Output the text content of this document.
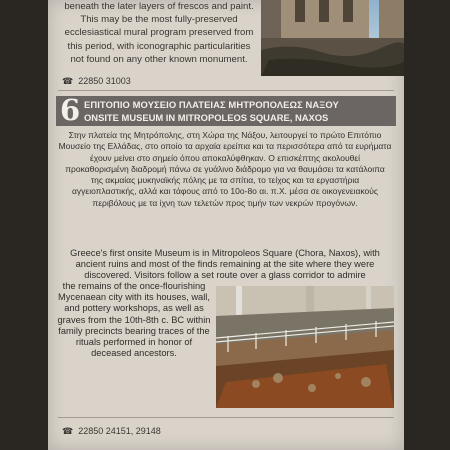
beneath the later layers of frescos and paint. This may be the most fully-preserved ecclesiastical mural program preserved from this period, with iconographic particularities not found on any other known monument.

☎ 22850 31003
6 ΕΠΙΤΟΠΙΟ ΜΟΥΣΕΙΟ ΠΛΑΤΕΙΑΣ ΜΗΤΡΟΠΟΛΕΩΣ ΝΑΞΟΥ
ONSITE MUSEUM IN MITROPOLEOS SQUARE, NAXOS

Στην πλατεία της Μητρόπολης, στη Χώρα της Νάξου, λειτουργεί το πρώτο Επιτόπιο Μουσείο της Ελλάδας, στο οποίο τα αρχαία ερείπια και τα περισσότερα από τα ευρήματα έχουν μείνει στο σημείο όπου αποκαλύφθηκαν. Ο επισκέπτης ακολουθεί προκαθορισμένη διαδρομή πάνω σε γυάλινο διάδρομο για να θαυμάσει τα κατάλοιπα της ακμαίας μυκηναϊκής πόλης με τα σπίτια, το τείχος και τα εργαστήρια αγγειοπλαστικής, αλλά και τάφους από το 10ο-8ο αι. π.Χ. μέσα σε οικογενειακούς περιβόλους με τα ίχνη των τελετών προς τιμήν των νεκρών προγόνων.

Greece's first onsite Museum is in Mitropoleos Square (Chora, Naxos), with ancient ruins and most of the finds remaining at the site where they were discovered. Visitors follow a set route over a glass corridor to admire

the remains of the once-flourishing Mycenaean city with its houses, wall, and pottery workshops, as well as graves from the 10th-8th c. BC within family precincts bearing traces of the rituals performed in honor of deceased ancestors.

☎ 22850 24151, 29148
